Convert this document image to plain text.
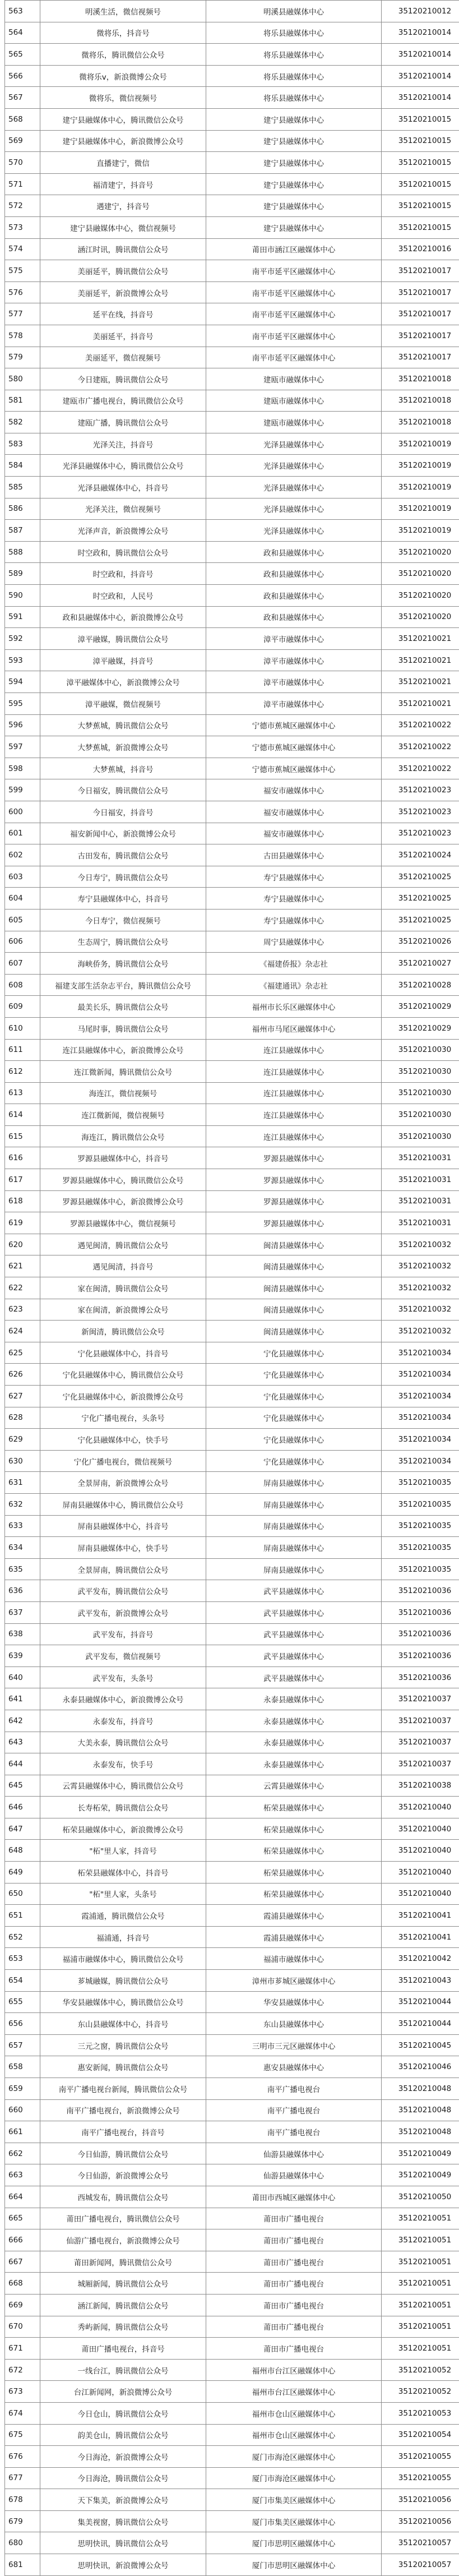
563	明溪生活，微信视频号	明溪县融媒体中心	35120210012
564	微将乐，抖音号	将乐县融媒体中心	35120210014
565	微将乐，腾讯微信公众号	将乐县融媒体中心	35120210014
566	微将乐v，新浪微博公众号	将乐县融媒体中心	35120210014
567	微将乐，微信视频号	将乐县融媒体中心	35120210014
568	建宁县融媒体中心，腾讯微信公众号	建宁县融媒体中心	35120210015
569	建宁县融媒体中心，新浪微博公众号	建宁县融媒体中心	35120210015
570	直播建宁，微信	建宁县融媒体中心	35120210015
571	福清建宁，抖音号	建宁县融媒体中心	35120210015
572	遇建宁，抖音号	建宁县融媒体中心	35120210015
573	建宁县融媒体中心，微信视频号	建宁县融媒体中心	35120210015
574	涵江时讯，腾讯微信公众号	莆田市涵江区融媒体中心	35120210016
575	美丽延平，腾讯微信公众号	南平市延平区融媒体中心	35120210017
576	美丽延平，新浪微博公众号	南平市延平区融媒体中心	35120210017
577	延平在线，抖音号	南平市延平区融媒体中心	35120210017
578	美丽延平，抖音号	南平市延平区融媒体中心	35120210017
579	美丽延平，微信视频号	南平市延平区融媒体中心	35120210017
580	今日建瓯，腾讯微信公众号	建瓯市融媒体中心	35120210018
581	建瓯市广播电视台，腾讯微信公众号	建瓯市融媒体中心	35120210018
582	建瓯广播，腾讯微信公众号	建瓯市融媒体中心	35120210018
583	光泽关注，抖音号	光泽县融媒体中心	35120210019
584	光泽县融媒体中心，腾讯微信公众号	光泽县融媒体中心	35120210019
585	光泽县融媒体中心，抖音号	光泽县融媒体中心	35120210019
586	光泽关注，微信视频号	光泽县融媒体中心	35120210019
587	光泽声音，新浪微博公众号	光泽县融媒体中心	35120210019
588	时空政和，腾讯微信公众号	政和县融媒体中心	35120210020
589	时空政和，抖音号	政和县融媒体中心	35120210020
590	时空政和，人民号	政和县融媒体中心	35120210020
591	政和县融媒体中心，新浪微博公众号	政和县融媒体中心	35120210020
592	漳平融媒，腾讯微信公众号	漳平市融媒体中心	35120210021
593	漳平融媒，抖音号	漳平市融媒体中心	35120210021
594	漳平融媒体中心，新浪微博公众号	漳平市融媒体中心	35120210021
595	漳平融媒，微信视频号	漳平市融媒体中心	35120210021
596	大梦蕉城，腾讯微信公众号	宁德市蕉城区融媒体中心	35120210022
597	大梦蕉城，新浪微博公众号	宁德市蕉城区融媒体中心	35120210022
598	大梦蕉城，抖音号	宁德市蕉城区融媒体中心	35120210022
599	今日福安，腾讯微信公众号	福安市融媒体中心	35120210023
600	今日福安，抖音号	福安市融媒体中心	35120210023
601	福安新闻中心，新浪微博公众号	福安市融媒体中心	35120210023
602	古田发布，腾讯微信公众号	古田县融媒体中心	35120210024
603	今日寿宁，腾讯微信公众号	寿宁县融媒体中心	35120210025
604	寿宁县融媒体中心，抖音号	寿宁县融媒体中心	35120210025
605	今日寿宁，微信视频号	寿宁县融媒体中心	35120210025
606	生态周宁，腾讯微信公众号	周宁县融媒体中心	35120210026
607	海峡侨务，腾讯微信公众号	《福建侨报》杂志社	35120210027
608	福建支部生活杂志平台，腾讯微信公众号	《福建通讯》杂志社	35120210028
609	最美长乐，腾讯微信公众号	福州市长乐区融媒体中心	35120210029
610	马尾时事，腾讯微信公众号	福州市马尾区融媒体中心	35120210029
611	连江县融媒体中心，新浪微博公众号	连江县融媒体中心	35120210030
612	连江微新闻，腾讯微信公众号	连江县融媒体中心	35120210030
613	海连江，微信视频号	连江县融媒体中心	35120210030
614	连江微新闻，微信视频号	连江县融媒体中心	35120210030
615	海连江，腾讯微信公众号	连江县融媒体中心	35120210030
616	罗源县融媒体中心，抖音号	罗源县融媒体中心	35120210031
617	罗源县融媒体中心，腾讯微信公众号	罗源县融媒体中心	35120210031
618	罗源县融媒体中心，新浪微博公众号	罗源县融媒体中心	35120210031
619	罗源县融媒体中心，微信视频号	罗源县融媒体中心	35120210031
620	遇见闽清，腾讯微信公众号	闽清县融媒体中心	35120210032
621	遇见闽清，抖音号	闽清县融媒体中心	35120210032
622	家在闽清，腾讯微信公众号	闽清县融媒体中心	35120210032
623	家在闽清，新浪微博公众号	闽清县融媒体中心	35120210032
624	新闽清，腾讯微信公众号	闽清县融媒体中心	35120210032
625	宁化县融媒体中心，抖音号	宁化县融媒体中心	35120210034
626	宁化县融媒体中心，腾讯微信公众号	宁化县融媒体中心	35120210034
627	宁化县融媒体中心，新浪微博公众号	宁化县融媒体中心	35120210034
628	宁化广播电视台，头条号	宁化县融媒体中心	35120210034
629	宁化县融媒体中心，快手号	宁化县融媒体中心	35120210034
630	宁化广播电视台，微信视频号	宁化县融媒体中心	35120210034
631	全景屏南，新浪微博公众号	屏南县融媒体中心	35120210035
632	屏南县融媒体中心，腾讯微信公众号	屏南县融媒体中心	35120210035
633	屏南县融媒体中心，抖音号	屏南县融媒体中心	35120210035
634	屏南县融媒体中心，快手号	屏南县融媒体中心	35120210035
635	全景屏南，腾讯微信公众号	屏南县融媒体中心	35120210035
636	武平发布，腾讯微信公众号	武平县融媒体中心	35120210036
637	武平发布，新浪微博公众号	武平县融媒体中心	35120210036
638	武平发布，抖音号	武平县融媒体中心	35120210036
639	武平发布，微信视频号	武平县融媒体中心	35120210036
640	武平发布，头条号	武平县融媒体中心	35120210036
641	永泰县融媒体中心，新浪微博公众号	永泰县融媒体中心	35120210037
642	永泰发布，抖音号	永泰县融媒体中心	35120210037
643	大美永泰，腾讯微信公众号	永泰县融媒体中心	35120210037
644	永泰发布，快手号	永泰县融媒体中心	35120210037
645	云霄县融媒体中心，腾讯微信公众号	云霄县融媒体中心	35120210038
646	长寿柘荣，腾讯微信公众号	柘荣县融媒体中心	35120210040
647	柘荣县融媒体中心，新浪微博公众号	柘荣县融媒体中心	35120210040
648	"柘"里人家，抖音号	柘荣县融媒体中心	35120210040
649	柘荣县融媒体中心，抖音号	柘荣县融媒体中心	35120210040
650	"柘"里人家，头条号	柘荣县融媒体中心	35120210040
651	霞浦通，腾讯微信公众号	霞浦县融媒体中心	35120210041
652	福浦通，抖音号	霞浦县融媒体中心	35120210041
653	福浦市融媒体中心，腾讯微信公众号	福浦市融媒体中心	35120210042
654	芗城融媒，腾讯微信公众号	漳州市芗城区融媒体中心	35120210043
655	华安县融媒体中心，腾讯微信公众号	华安县融媒体中心	35120210044
656	东山县融媒体中心，抖音号	东山县融媒体中心	35120210044
657	三元之窗，腾讯微信公众号	三明市三元区融媒体中心	35120210045
658	惠安新闻，腾讯微信公众号	惠安县融媒体中心	35120210046
659	南平广播电视台新闻，腾讯微信公众号	南平广播电视台	35120210048
660	南平广播电视台，新浪微博公众号	南平广播电视台	35120210048
661	南平广播电视台，抖音号	南平广播电视台	35120210048
662	今日仙游，腾讯微信公众号	仙游县融媒体中心	35120210049
663	今日仙游，新浪微博公众号	仙游县融媒体中心	35120210049
664	西城发布，腾讯微信公众号	莆田市西城区融媒体中心	35120210050
665	莆田广播电视台，腾讯微信公众号	莆田市广播电视台	35120210051
666	仙游广播电视台，新浪微博公众号	莆田市广播电视台	35120210051
667	莆田新闻网，腾讯微信公众号	莆田市广播电视台	35120210051
668	城厢新闻，腾讯微信公众号	莆田市广播电视台	35120210051
669	涵江新闻，腾讯微信公众号	莆田市广播电视台	35120210051
670	秀屿新闻，腾讯微信公众号	莆田市广播电视台	35120210051
671	莆田广播电视台，抖音号	莆田市广播电视台	35120210051
672	一线台江，腾讯微信公众号	福州市台江区融媒体中心	35120210052
673	台江新闻网，新浪微博公众号	福州市台江区融媒体中心	35120210052
674	今日仓山，腾讯微信公众号	福州市仓山区融媒体中心	35120210053
675	韵美仓山，腾讯微信公众号	福州市仓山区融媒体中心	35120210054
676	今日海沧，新浪微博公众号	厦门市海沧区融媒体中心	35120210055
677	今日海沧，腾讯微信公众号	厦门市海沧区融媒体中心	35120210055
678	天下集美，新浪微博公众号	厦门市集美区融媒体中心	35120210056
679	集美视窗，腾讯微信公众号	厦门市集美区融媒体中心	35120210056
680	思明快讯，腾讯微信公众号	厦门市思明区融媒体中心	35120210057
681	思明快讯，新浪微博公众号	厦门市思明区融媒体中心	35120210057
